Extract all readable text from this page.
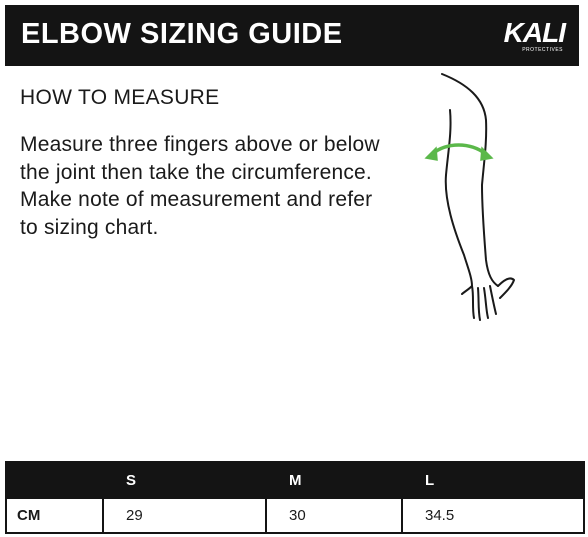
ELBOW SIZING GUIDE	KALI
PROTECTIVES
HOW TO MEASURE
Measure three fingers above or below the joint then take the circumference. Make note of measurement and refer to sizing chart.
	S	M	L
CM	29	30	34.5
